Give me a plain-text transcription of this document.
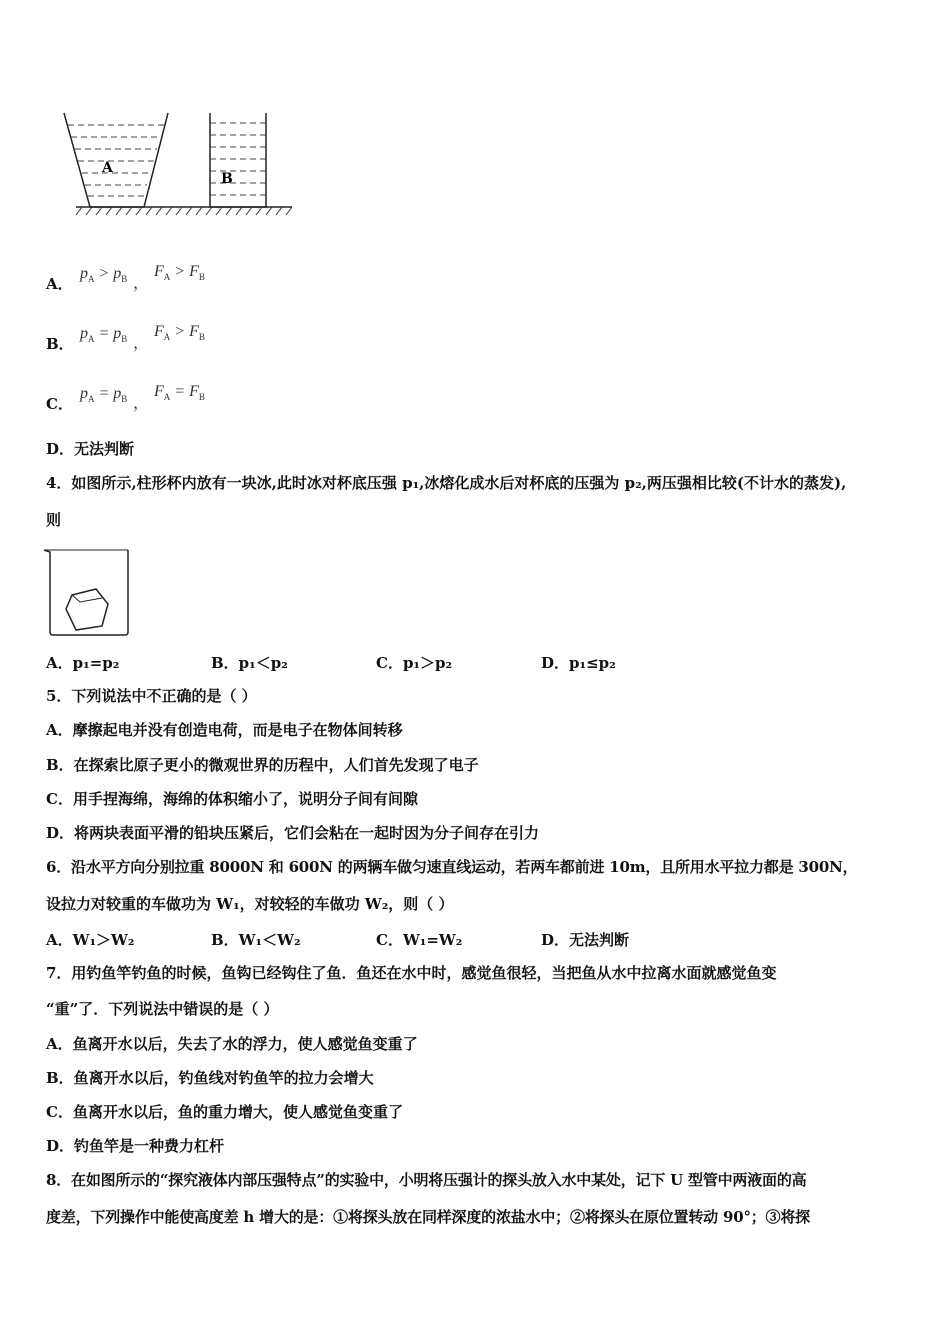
A
B
A．
$p_A > p_B$ ，
$F_A > F_B$
B．
$p_A = p_B$ ，
$F_A > F_B$
C．
$p_A = p_B$ ，
$F_A = F_B$
D．无法判断
4．如图所示,柱形杯内放有一块冰,此时冰对杯底压强 p₁,冰熔化成水后对杯底的压强为 p₂,两压强相比较(不计水的蒸发),
则
A．p₁=p₂	B．p₁＜p₂	C．p₁＞p₂	D．p₁≤p₂
5．下列说法中不正确的是（ ）
A．摩擦起电并没有创造电荷，而是电子在物体间转移
B．在探索比原子更小的微观世界的历程中，人们首先发现了电子
C．用手捏海绵，海绵的体积缩小了，说明分子间有间隙
D．将两块表面平滑的铅块压紧后，它们会粘在一起时因为分子间存在引力
6．沿水平方向分别拉重 8000N 和 600N 的两辆车做匀速直线运动，若两车都前进 10m，且所用水平拉力都是 300N，
设拉力对较重的车做功为 W₁，对较轻的车做功 W₂，则（ ）
A．W₁＞W₂	B．W₁＜W₂	C．W₁=W₂	D．无法判断
7．用钓鱼竿钓鱼的时候，鱼钩已经钩住了鱼．鱼还在水中时，感觉鱼很轻，当把鱼从水中拉离水面就感觉鱼变
“重”了．下列说法中错误的是（ ）
A．鱼离开水以后，失去了水的浮力，使人感觉鱼变重了
B．鱼离开水以后，钓鱼线对钓鱼竿的拉力会增大
C．鱼离开水以后，鱼的重力增大，使人感觉鱼变重了
D．钓鱼竿是一种费力杠杆
8．在如图所示的“探究液体内部压强特点”的实验中，小明将压强计的探头放入水中某处，记下 U 型管中两液面的高
度差，下列操作中能使高度差 h 增大的是：①将探头放在同样深度的浓盐水中；②将探头在原位置转动 90°；③将探
